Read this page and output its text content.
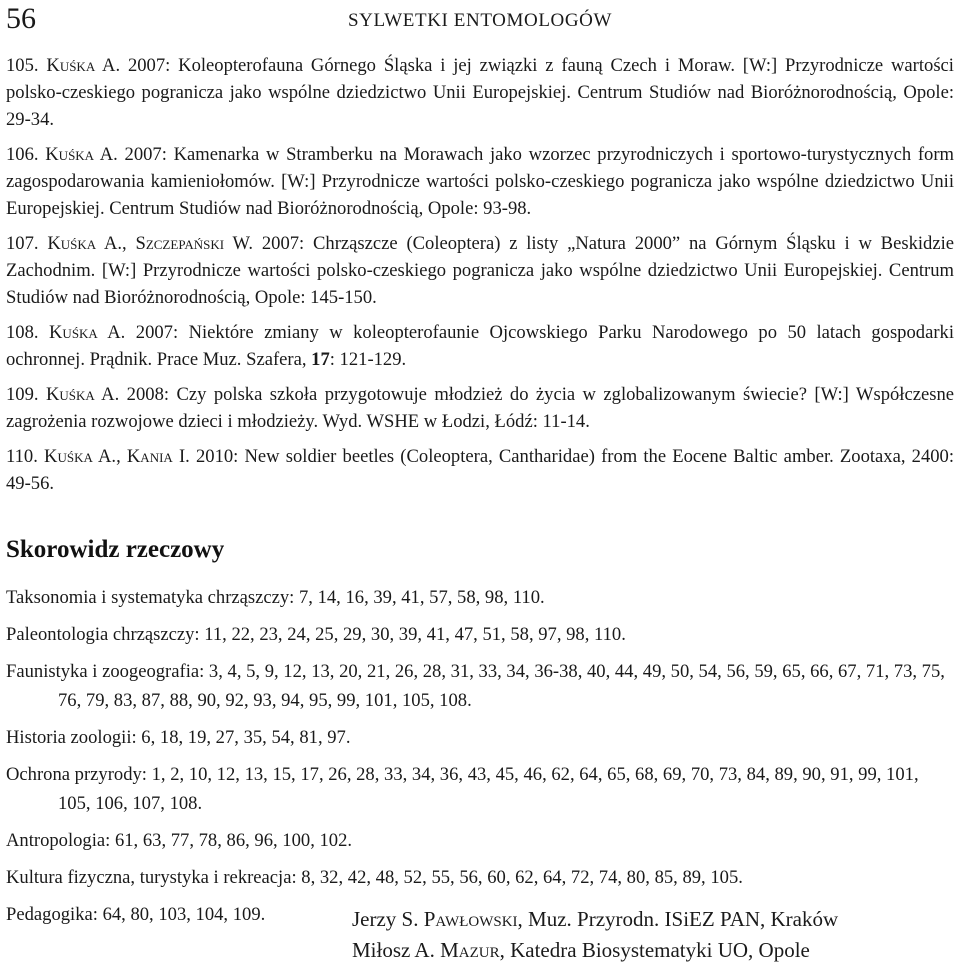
56	SYLWETKI ENTOMOLOGÓW

105. Kuśka A. 2007: Koleopterofauna Górnego Śląska i jej związki z fauną Czech i Moraw. [W:] Przyrodnicze wartości polsko-czeskiego pogranicza jako wspólne dziedzictwo Unii Europejskiej. Centrum Studiów nad Bioróżnorodnością, Opole: 29-34.

106. Kuśka A. 2007: Kamenarka w Stramberku na Morawach jako wzorzec przyrodniczych i sportowo-turystycznych form zagospodarowania kamieniołomów. [W:] Przyrodnicze wartości polsko-czeskiego pogranicza jako wspólne dziedzictwo Unii Europejskiej. Centrum Studiów nad Bioróżnorodnością, Opole: 93-98.

107. Kuśka A., Szczepański W. 2007: Chrząszcze (Coleoptera) z listy „Natura 2000” na Górnym Śląsku i w Beskidzie Zachodnim. [W:] Przyrodnicze wartości polsko-czeskiego pogranicza jako wspólne dziedzictwo Unii Europejskiej. Centrum Studiów nad Bioróżnorodnością, Opole: 145-150.

108. Kuśka A. 2007: Niektóre zmiany w koleopterofaunie Ojcowskiego Parku Narodowego po 50 latach gospodarki ochronnej. Prądnik. Prace Muz. Szafera, 17: 121-129.

109. Kuśka A. 2008: Czy polska szkoła przygotowuje młodzież do życia w zglobalizowanym świecie? [W:] Współczesne zagrożenia rozwojowe dzieci i młodzieży. Wyd. WSHE w Łodzi, Łódź: 11-14.

110. Kuśka A., Kania I. 2010: New soldier beetles (Coleoptera, Cantharidae) from the Eocene Baltic amber. Zootaxa, 2400: 49-56.

Skorowidz rzeczowy

Taksonomia i systematyka chrząszczy: 7, 14, 16, 39, 41, 57, 58, 98, 110.

Paleontologia chrząszczy: 11, 22, 23, 24, 25, 29, 30, 39, 41, 47, 51, 58, 97, 98, 110.

Faunistyka i zoogeografia: 3, 4, 5, 9, 12, 13, 20, 21, 26, 28, 31, 33, 34, 36-38, 40, 44, 49, 50, 54, 56, 59, 65, 66, 67, 71, 73, 75, 76, 79, 83, 87, 88, 90, 92, 93, 94, 95, 99, 101, 105, 108.

Historia zoologii: 6, 18, 19, 27, 35, 54, 81, 97.

Ochrona przyrody: 1, 2, 10, 12, 13, 15, 17, 26, 28, 33, 34, 36, 43, 45, 46, 62, 64, 65, 68, 69, 70, 73, 84, 89, 90, 91, 99, 101, 105, 106, 107, 108.

Antropologia: 61, 63, 77, 78, 86, 96, 100, 102.

Kultura fizyczna, turystyka i rekreacja: 8, 32, 42, 48, 52, 55, 56, 60, 62, 64, 72, 74, 80, 85, 89, 105.

Pedagogika: 64, 80, 103, 104, 109.	Jerzy S. Pawłowski, Muz. Przyrodn. ISiEZ PAN, Kraków
Miłosz A. Mazur, Katedra Biosystematyki UO, Opole
